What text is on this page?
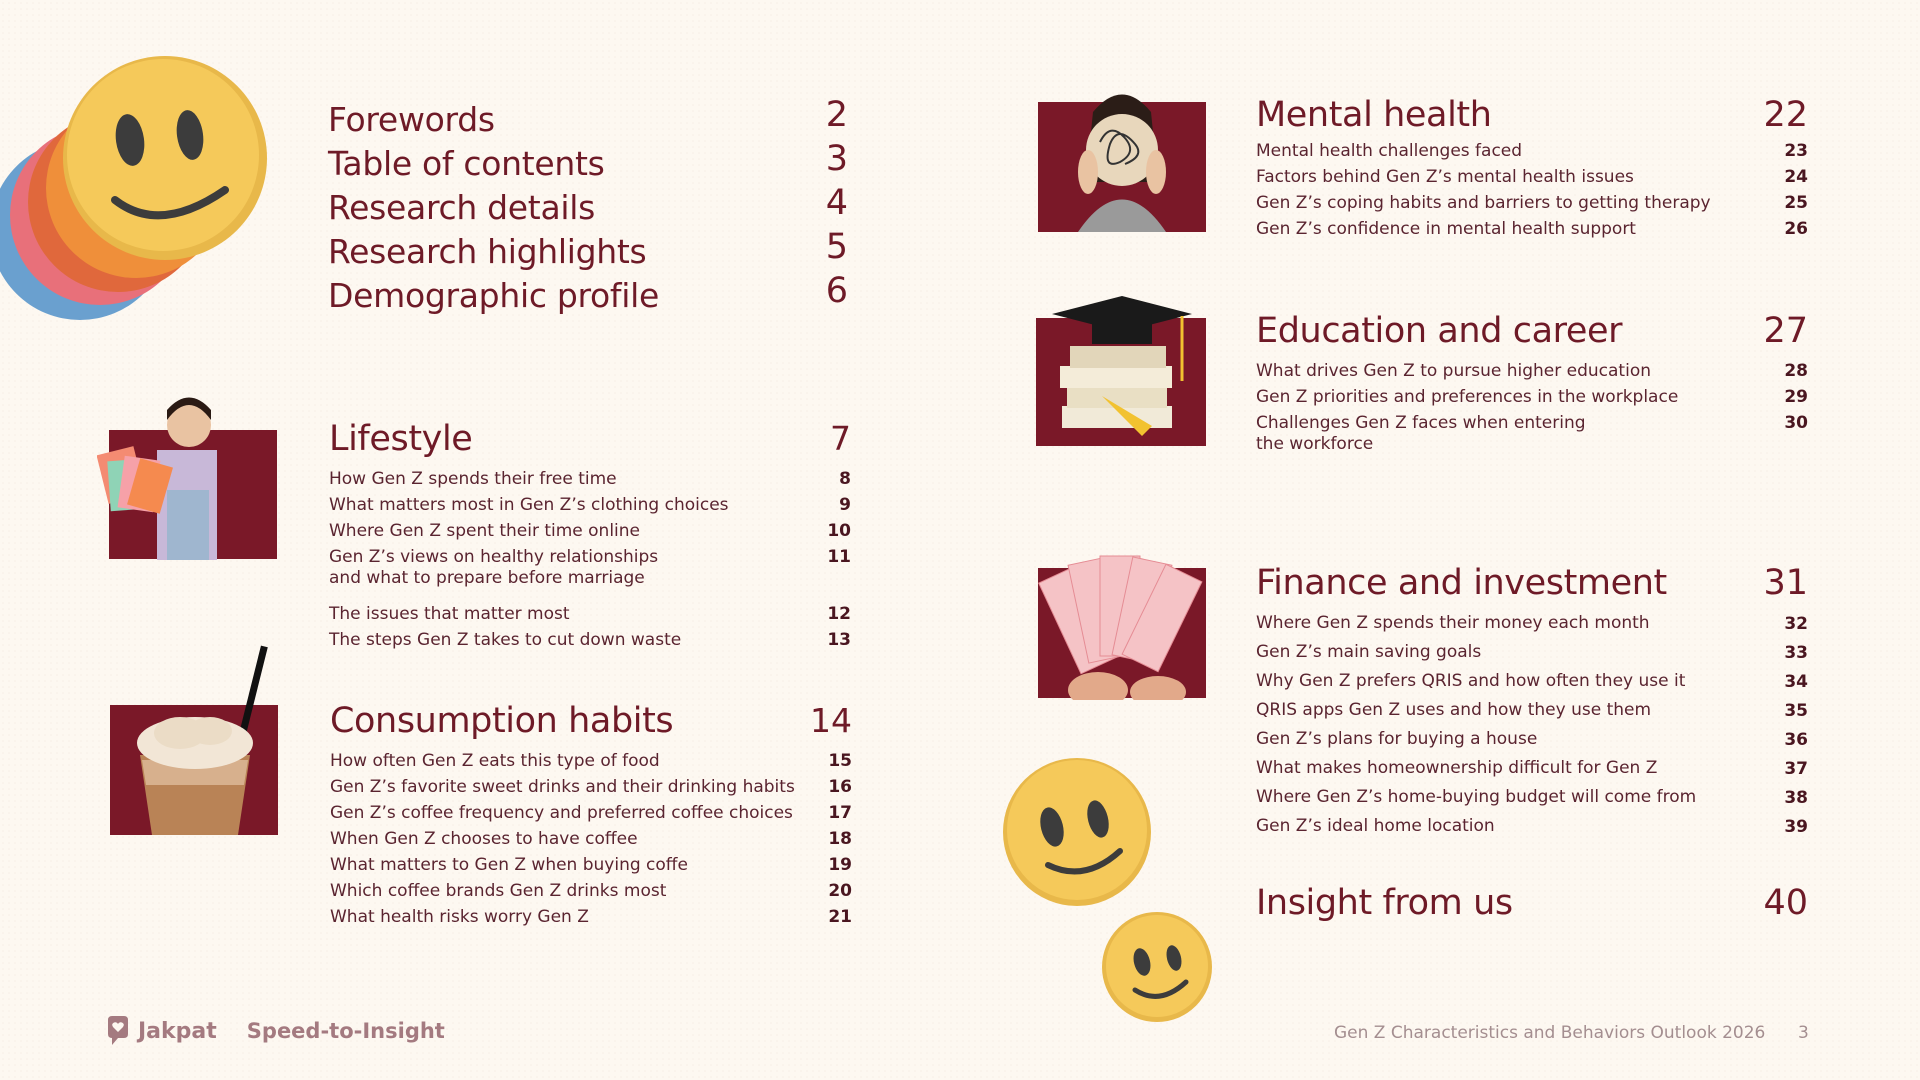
Forewords	2
Table of contents	3
Research details	4
Research highlights	5
Demographic profile	6
Lifestyle	7
How Gen Z spends their free time	8
What matters most in Gen Z’s clothing choices	9
Where Gen Z spent their time online	10
Gen Z’s views on healthy relationships
and what to prepare before marriage
11
The issues that matter most	12
The steps Gen Z takes to cut down waste	13
Consumption habits	14
How often Gen Z eats this type of food	15
Gen Z’s favorite sweet drinks and their drinking habits	16
Gen Z’s coffee frequency and preferred coffee choices	17
When Gen Z chooses to have coffee	18
What matters to Gen Z when buying coffe	19
Which coffee brands Gen Z drinks most	20
What health risks worry Gen Z	21
Mental health	22
Mental health challenges faced	23
Factors behind Gen Z’s mental health issues	24
Gen Z’s coping habits and barriers to getting therapy	25
Gen Z’s confidence in mental health support	26
Education and career	27
What drives Gen Z to pursue higher education	28
Gen Z priorities and preferences in the workplace	29
Challenges Gen Z faces when entering
the workforce
30
Finance and investment	31
Where Gen Z spends their money each month	32
Gen Z’s main saving goals	33
Why Gen Z prefers QRIS and how often they use it	34
QRIS apps Gen Z uses and how they use them	35
Gen Z’s plans for buying a house	36
What makes homeownership difficult for Gen Z	37
Where Gen Z’s home-buying budget will come from	38
Gen Z’s ideal home location	39
Insight from us	40
Jakpat Speed-to-Insight	Gen Z Characteristics and Behaviors Outlook 2026 3
